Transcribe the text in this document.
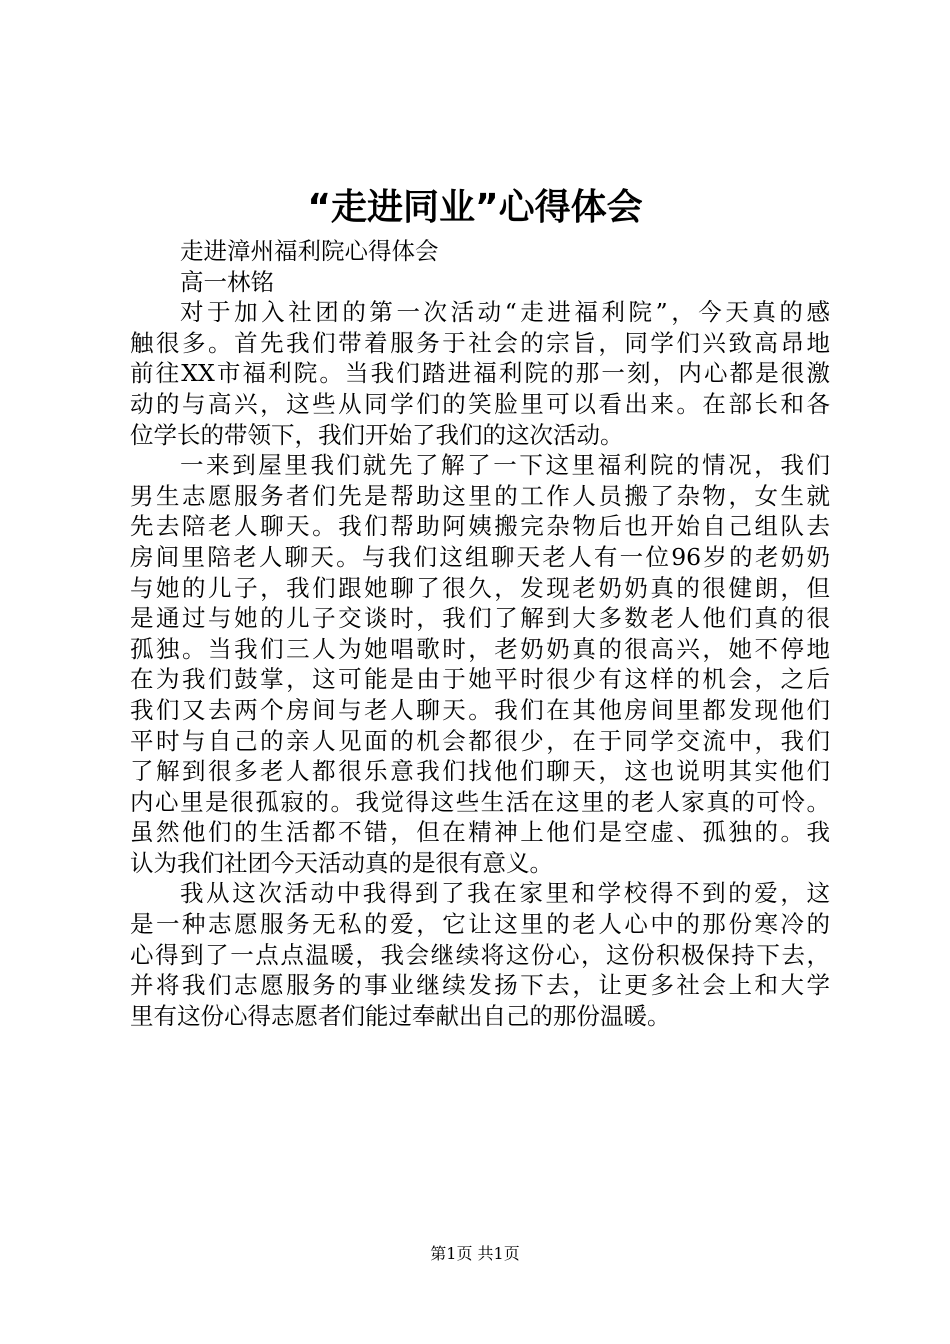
“走进同业”心得体会
走进漳州福利院心得体会
高一林铭
对于加入社团的第一次活动“走进福利院”，今天真的感
触很多。首先我们带着服务于社会的宗旨，同学们兴致高昂地
前往XX市福利院。当我们踏进福利院的那一刻，内心都是很激
动的与高兴，这些从同学们的笑脸里可以看出来。在部长和各
位学长的带领下，我们开始了我们的这次活动。
一来到屋里我们就先了解了一下这里福利院的情况，我们
男生志愿服务者们先是帮助这里的工作人员搬了杂物，女生就
先去陪老人聊天。我们帮助阿姨搬完杂物后也开始自己组队去
房间里陪老人聊天。与我们这组聊天老人有一位96岁的老奶奶
与她的儿子，我们跟她聊了很久，发现老奶奶真的很健朗，但
是通过与她的儿子交谈时，我们了解到大多数老人他们真的很
孤独。当我们三人为她唱歌时，老奶奶真的很高兴，她不停地
在为我们鼓掌，这可能是由于她平时很少有这样的机会，之后
我们又去两个房间与老人聊天。我们在其他房间里都发现他们
平时与自己的亲人见面的机会都很少，在于同学交流中，我们
了解到很多老人都很乐意我们找他们聊天，这也说明其实他们
内心里是很孤寂的。我觉得这些生活在这里的老人家真的可怜。
虽然他们的生活都不错，但在精神上他们是空虚、孤独的。我
认为我们社团今天活动真的是很有意义。
我从这次活动中我得到了我在家里和学校得不到的爱，这
是一种志愿服务无私的爱，它让这里的老人心中的那份寒冷的
心得到了一点点温暖，我会继续将这份心，这份积极保持下去，
并将我们志愿服务的事业继续发扬下去，让更多社会上和大学
里有这份心得志愿者们能过奉献出自己的那份温暖。
第1页 共1页
